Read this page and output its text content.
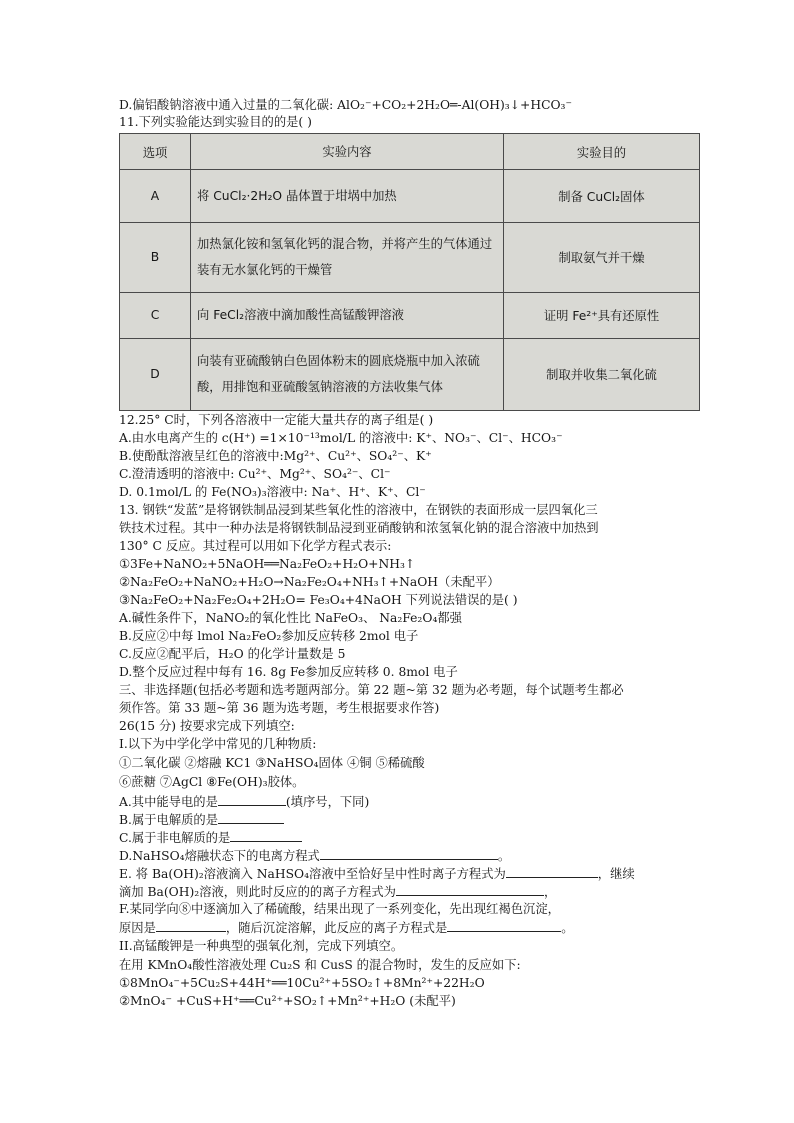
D.偏铝酸钠溶液中通入过量的二氧化碳: AlO₂⁻+CO₂+2H₂O═-Al(OH)₃↓+HCO₃⁻
11.下列实验能达到实验目的的是( )
选项	实验内容	实验目的
A	将 CuCl₂·2H₂O 晶体置于坩埚中加热	制备 CuCl₂固体
B	加热氯化铵和氢氧化钙的混合物，并将产生的气体通过装有无水氯化钙的干燥管	制取氨气并干燥
C	向 FeCl₂溶液中滴加酸性高锰酸钾溶液	证明 Fe²⁺具有还原性
D	向装有亚硫酸钠白色固体粉末的圆底烧瓶中加入浓硫酸，用排饱和亚硫酸氢钠溶液的方法收集气体	制取并收集二氧化硫
12.25° C时，下列各溶液中一定能大量共存的离子组是( )
A.由水电离产生的 c(H⁺) =1×10⁻¹³mol/L 的溶液中: K⁺、NO₃⁻、Cl⁻、HCO₃⁻
B.使酚酞溶液呈红色的溶液中:Mg²⁺、Cu²⁺、SO₄²⁻、K⁺
C.澄清透明的溶液中: Cu²⁺、Mg²⁺、SO₄²⁻、Cl⁻
D. 0.1mol/L 的 Fe(NO₃)₃溶液中: Na⁺、H⁺、K⁺、Cl⁻
13. 钢铁“发蓝”是将钢铁制品浸到某些氧化性的溶液中，在钢铁的表面形成一层四氧化三
铁技术过程。其中一种办法是将钢铁制品浸到亚硝酸钠和浓氢氧化钠的混合溶液中加热到
130° C 反应。其过程可以用如下化学方程式表示:
①3Fe+NaNO₂+5NaOH══Na₂FeO₂+H₂O+NH₃↑
②Na₂FeO₂+NaNO₂+H₂O→Na₂Fe₂O₄+NH₃↑+NaOH（未配平）
③Na₂FeO₂+Na₂Fe₂O₄+2H₂O= Fe₃O₄+4NaOH 下列说法错误的是( )
A.碱性条件下，NaNO₂的氧化性比 NaFeO₃、 Na₂Fe₂O₄都强
B.反应②中每 lmol Na₂FeO₂参加反应转移 2mol 电子
C.反应②配平后，H₂O 的化学计量数是 5
D.整个反应过程中每有 16. 8g Fe参加反应转移 0. 8mol 电子
三、非选择题(包括必考题和选考题两部分。第 22 题~第 32 题为必考题，每个试题考生都必
须作答。第 33 题~第 36 题为选考题，考生根据要求作答)
26(15 分) 按要求完成下列填空:
I.以下为中学化学中常见的几种物质:
①二氧化碳 ②熔融 KC1 ③NaHSO₄固体 ④铜 ⑤稀硫酸
⑥蔗糖 ⑦AgCl ⑧Fe(OH)₃胶体。
A.其中能导电的是	(填序号，下同)
B.属于电解质的是
C.属于非电解质的是
D.NaHSO₄熔融状态下的电离方程式	。
E. 将 Ba(OH)₂溶液滴入 NaHSO₄溶液中至恰好呈中性时离子方程式为	，继续
滴加 Ba(OH)₂溶液，则此时反应的的离子方程式为	，
F.某同学向⑧中逐滴加入了稀硫酸，结果出现了一系列变化，先出现红褐色沉淀，
原因是	，随后沉淀溶解，此反应的离子方程式是	。
II.高锰酸钾是一种典型的强氧化剂，完成下列填空。
在用 KMnO₄酸性溶液处理 Cu₂S 和 CusS 的混合物时，发生的反应如下:
①8MnO₄⁻+5Cu₂S+44H⁺══10Cu²⁺+5SO₂↑+8Mn²⁺+22H₂O
②MnO₄⁻ +CuS+H⁺══Cu²⁺+SO₂↑+Mn²⁺+H₂O (未配平)
